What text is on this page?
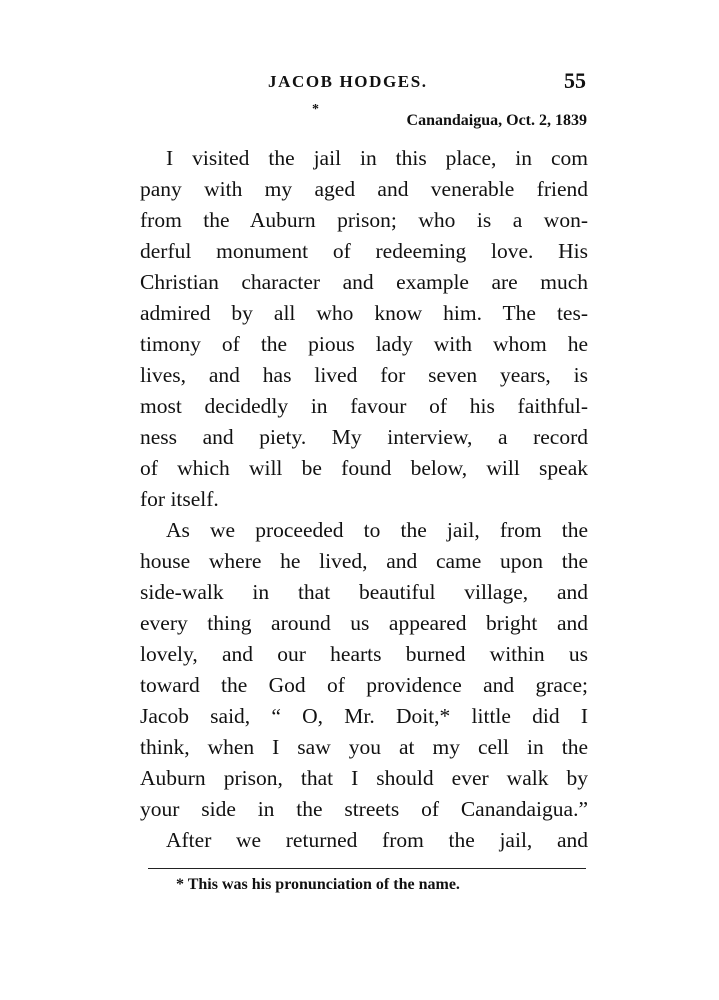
JACOB HODGES.	55
*
Canandaigua, Oct. 2, 1839
I visited the jail in this place, in com
pany with my aged and venerable friend
from the Auburn prison; who is a won-
derful monument of redeeming love. His
Christian character and example are much
admired by all who know him. The tes-
timony of the pious lady with whom he
lives, and has lived for seven years, is
most decidedly in favour of his faithful-
ness and piety. My interview, a record
of which will be found below, will speak
for itself.
As we proceeded to the jail, from the
house where he lived, and came upon the
side-walk in that beautiful village, and
every thing around us appeared bright and
lovely, and our hearts burned within us
toward the God of providence and grace;
Jacob said, “ O, Mr. Doit,* little did I
think, when I saw you at my cell in the
Auburn prison, that I should ever walk by
your side in the streets of Canandaigua.”
After we returned from the jail, and
* This was his pronunciation of the name.
